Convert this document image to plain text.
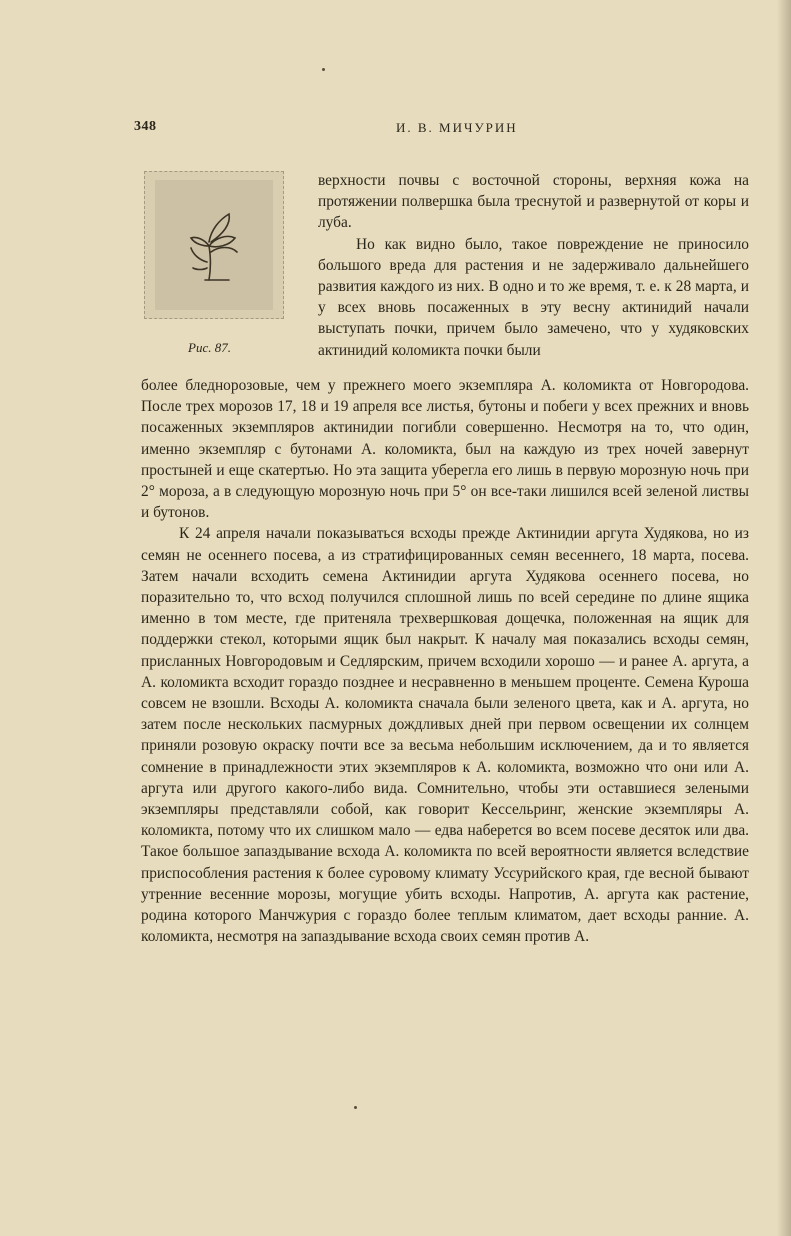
348	И. В. МИЧУРИН
Рис. 87.

верхности почвы с восточной стороны, верхняя кожа на протяжении полвершка была треснутой и развернутой от коры и луба.

Но как видно было, такое повреждение не приносило большого вреда для растения и не задерживало дальнейшего развития каждого из них. В одно и то же время, т. е. к 28 марта, и у всех вновь посаженных в эту весну актинидий начали выступать почки, причем было замечено, что у худяковских актинидий коломикта почки были

более бледнорозовые, чем у прежнего моего экземпляра А. коломикта от Новгородова. После трех морозов 17, 18 и 19 апреля все листья, бутоны и побеги у всех прежних и вновь посаженных экземпляров актинидии погибли совершенно. Несмотря на то, что один, именно экземпляр с бутонами А. коломикта, был на каждую из трех ночей завернут простыней и еще скатертью. Но эта защита уберегла его лишь в первую морозную ночь при 2° мороза, а в следующую морозную ночь при 5° он все-таки лишился всей зеленой листвы и бутонов.

К 24 апреля начали показываться всходы прежде Актинидии аргута Худякова, но из семян не осеннего посева, а из стратифицированных семян весеннего, 18 марта, посева. Затем начали всходить семена Актинидии аргута Худякова осеннего посева, но поразительно то, что всход получился сплошной лишь по всей середине по длине ящика именно в том месте, где притеняла трехвершковая дощечка, положенная на ящик для поддержки стекол, которыми ящик был накрыт. К началу мая показались всходы семян, присланных Новгородовым и Седлярским, причем всходили хорошо — и ранее А. аргута, а А. коломикта всходит гораздо позднее и несравненно в меньшем проценте. Семена Куроша совсем не взошли. Всходы А. коломикта сначала были зеленого цвета, как и А. аргута, но затем после нескольких пасмурных дождливых дней при первом освещении их солнцем приняли розовую окраску почти все за весьма небольшим исключением, да и то является сомнение в принадлежности этих экземпляров к А. коломикта, возможно что они или А. аргута или другого какого-либо вида. Сомнительно, чтобы эти оставшиеся зелеными экземпляры представляли собой, как говорит Кессельринг, женские экземпляры А. коломикта, потому что их слишком мало — едва наберется во всем посеве десяток или два. Такое большое запаздывание всхода А. коломикта по всей вероятности является вследствие приспособления растения к более суровому климату Уссурийского края, где весной бывают утренние весенние морозы, могущие убить всходы. Напротив, А. аргута как растение, родина которого Манчжурия с гораздо более теплым климатом, дает всходы ранние. А. коломикта, несмотря на запаздывание всхода своих семян против А.
